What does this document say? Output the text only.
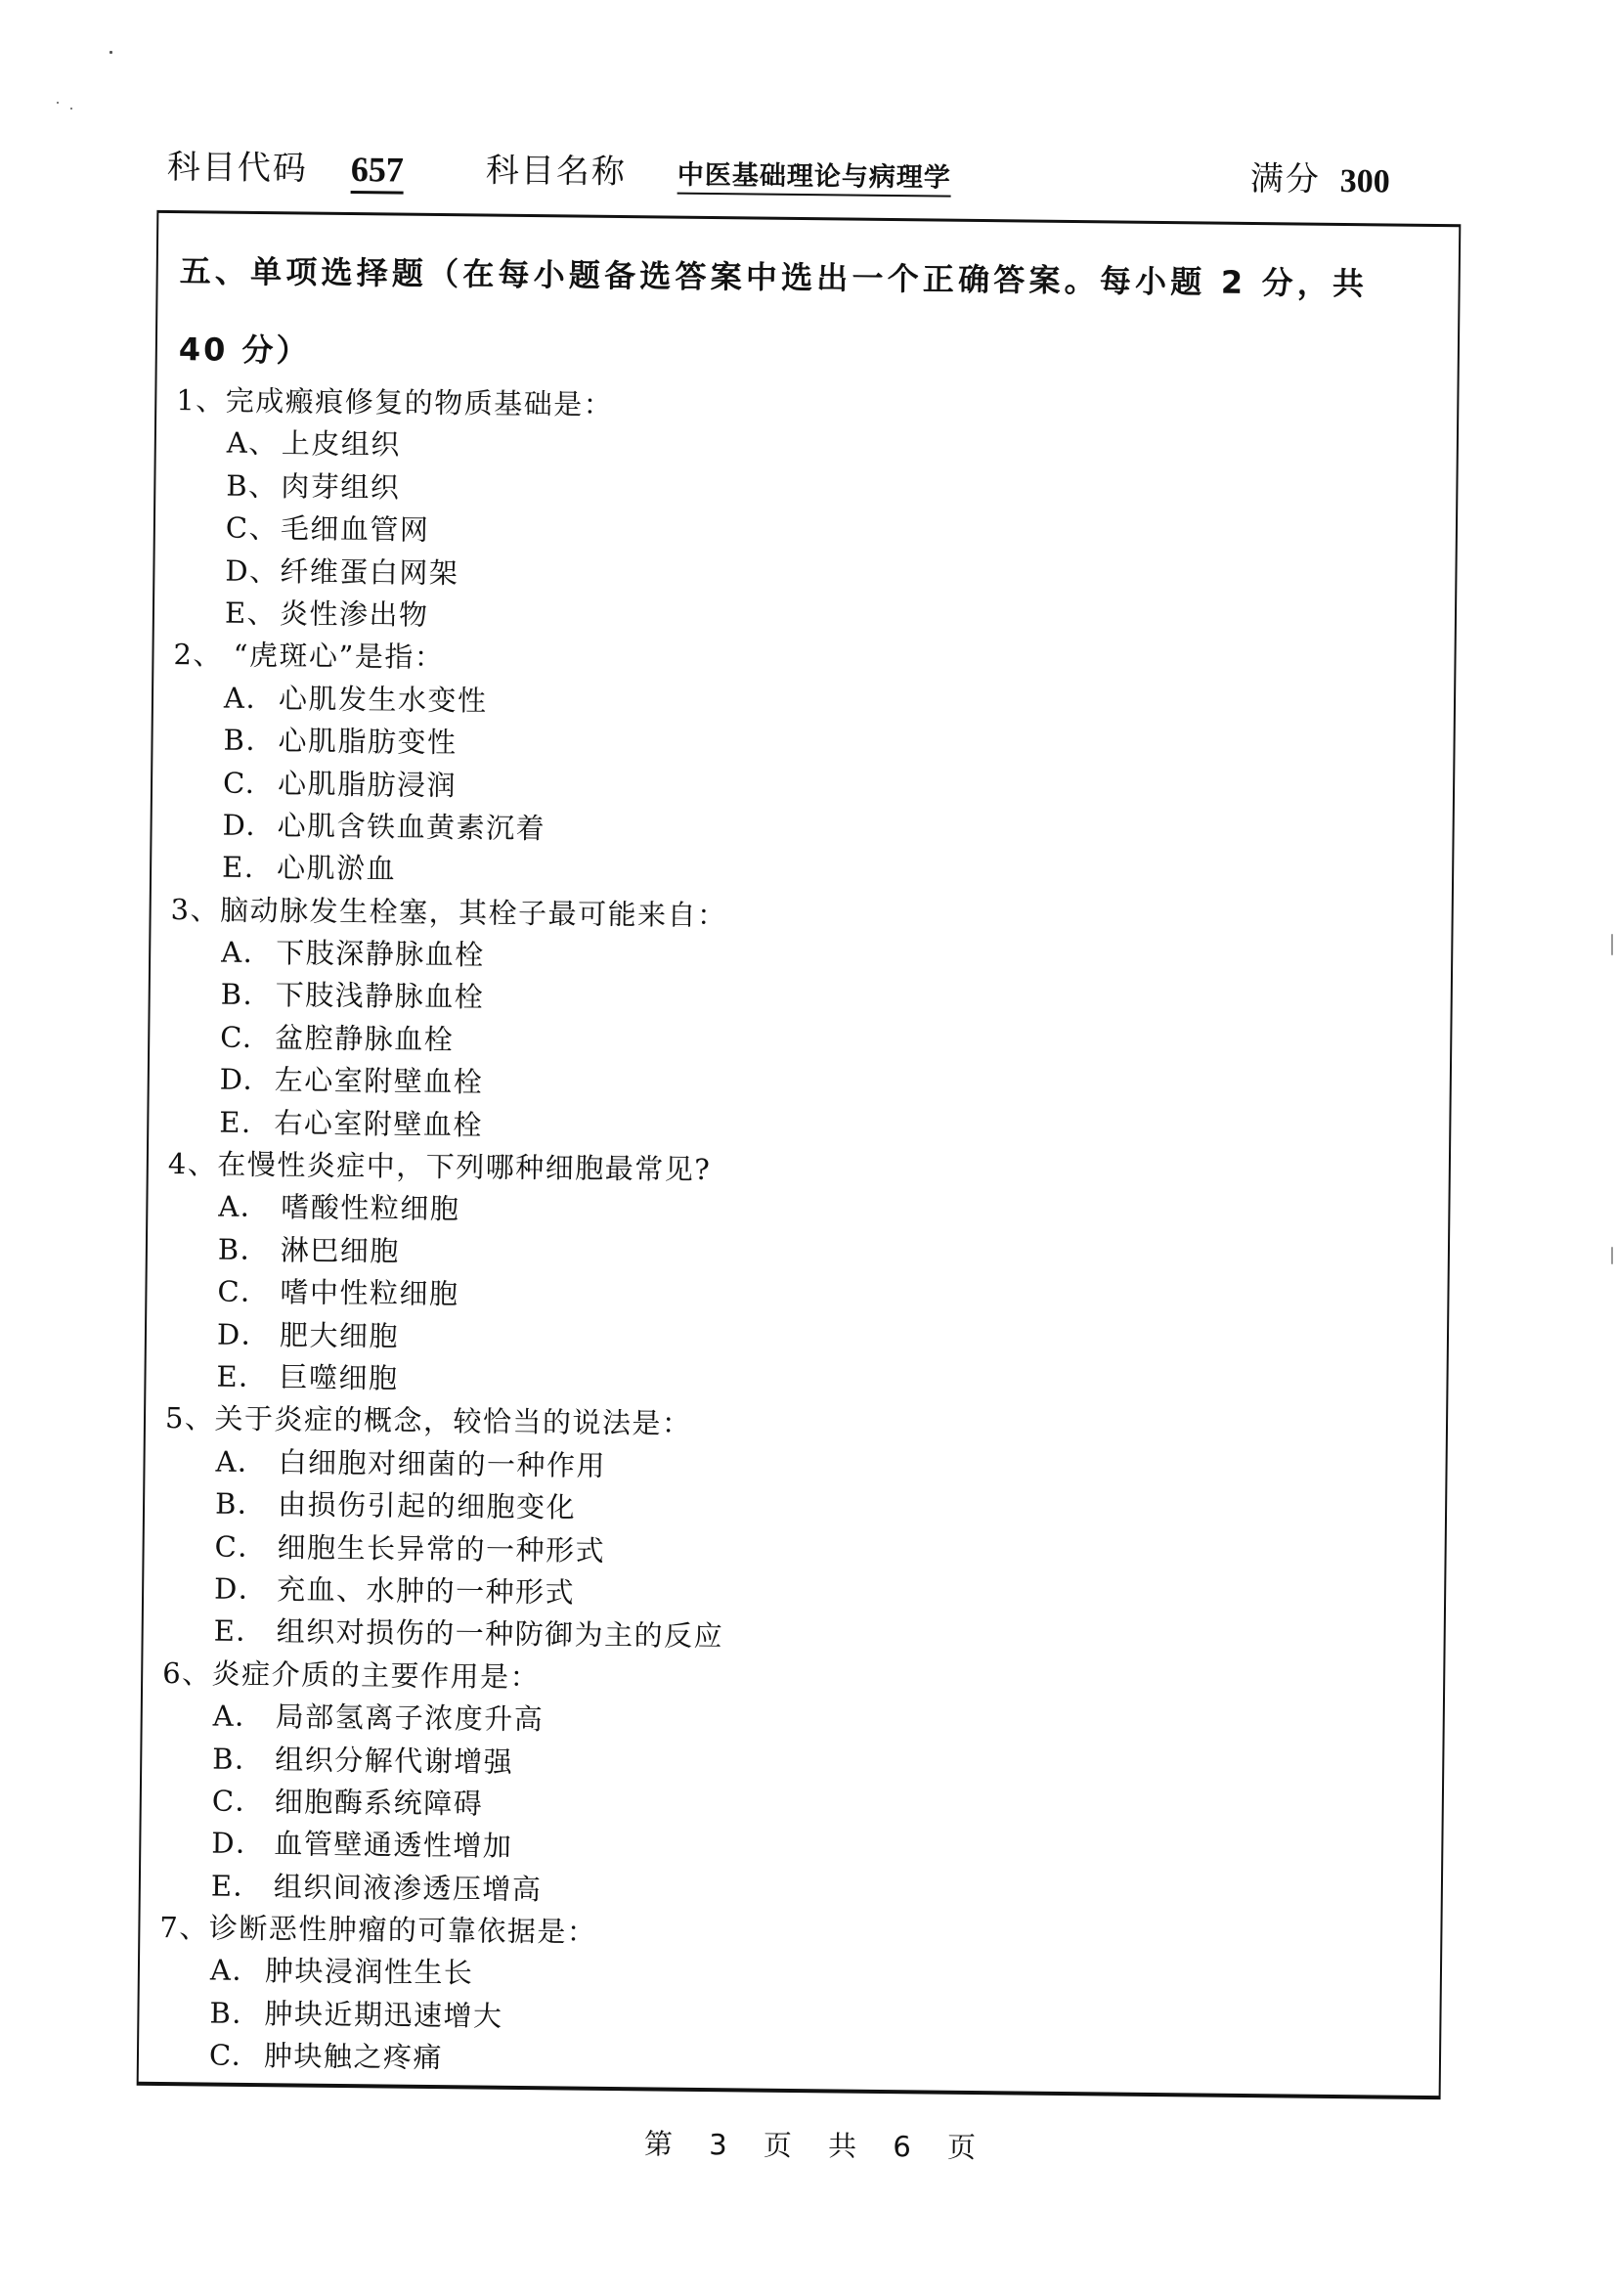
科目代码 657 科目名称 中医基础理论与病理学	满分 300
五、单项选择题（在每小题备选答案中选出一个正确答案。每小题 2 分，共
40 分）
1、完成瘢痕修复的物质基础是：
A、上皮组织
B、肉芽组织
C、毛细血管网
D、纤维蛋白网架
E、炎性渗出物
2、 “虎斑心”是指：
A. 心肌发生水变性
B. 心肌脂肪变性
C. 心肌脂肪浸润
D. 心肌含铁血黄素沉着
E. 心肌淤血
3、脑动脉发生栓塞，其栓子最可能来自：
A. 下肢深静脉血栓
B. 下肢浅静脉血栓
C. 盆腔静脉血栓
D. 左心室附壁血栓
E. 右心室附壁血栓
4、在慢性炎症中，下列哪种细胞最常见?
A． 嗜酸性粒细胞
B． 淋巴细胞
C． 嗜中性粒细胞
D． 肥大细胞
E． 巨噬细胞
5、关于炎症的概念，较恰当的说法是：
A． 白细胞对细菌的一种作用
B． 由损伤引起的细胞变化
C． 细胞生长异常的一种形式
D． 充血、水肿的一种形式
E． 组织对损伤的一种防御为主的反应
6、炎症介质的主要作用是：
A． 局部氢离子浓度升高
B． 组织分解代谢增强
C． 细胞酶系统障碍
D． 血管壁通透性增加
E． 组织间液渗透压增高
7、诊断恶性肿瘤的可靠依据是：
A. 肿块浸润性生长
B. 肿块近期迅速增大
C. 肿块触之疼痛
第 3 页 共 6 页
